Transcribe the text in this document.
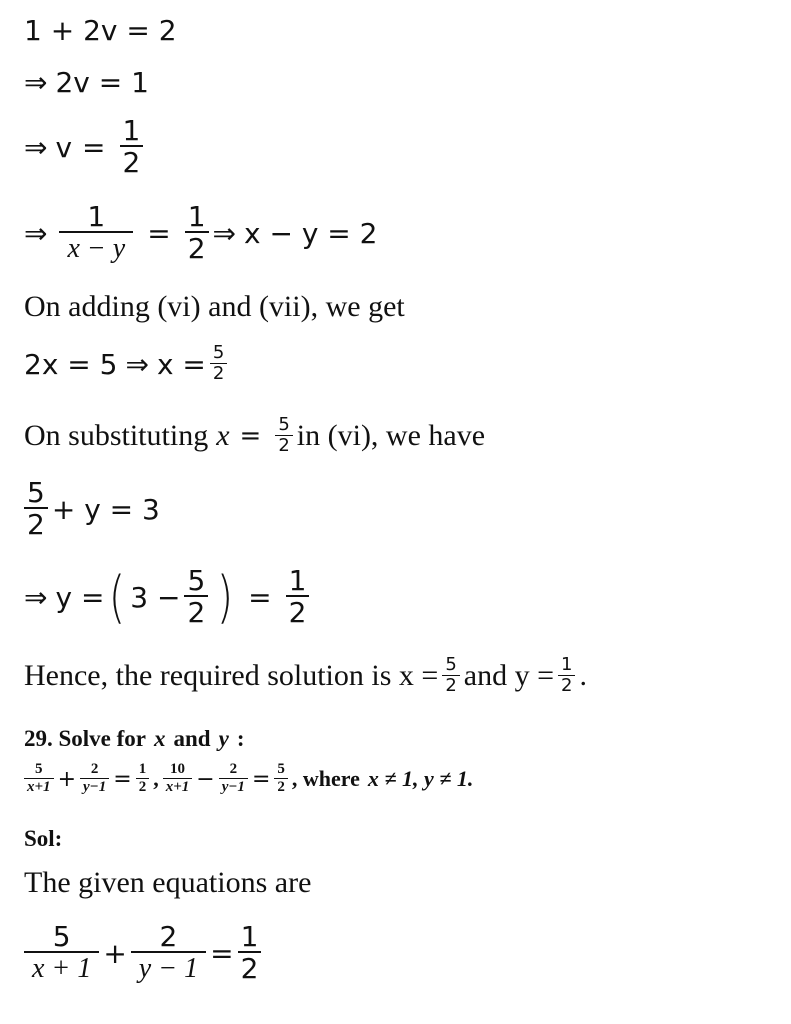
1 + 2v = 2
⇒ 2v = 1
⇒ $v = \frac{1}{2}$
⇒ $\frac{1}{x - y} = \frac{1}{2}$ ⇒ x − y = 2
On adding (vi) and (vii), we get
2x = 5 ⇒ $x = \frac{5}{2}$
On substituting $x = \frac{5}{2}$ in (vi), we have
$\frac{5}{2} + y = 3$
⇒ y = ( $3 - \frac{5}{2}$ ) = $\frac{1}{2}$
Hence, the required solution is $x = \frac{5}{2}$ and $y = \frac{1}{2}$ .
29. Solve for x and y :
$\frac{5}{x+1} + \frac{2}{y-1} = \frac{1}{2}$ , $\frac{10}{x+1} - \frac{2}{y-1} = \frac{5}{2}$ , where x ≠ 1, y ≠ 1.
Sol:
The given equations are
$\frac{5}{x + 1} + \frac{2}{y - 1} = \frac{1}{2}$
